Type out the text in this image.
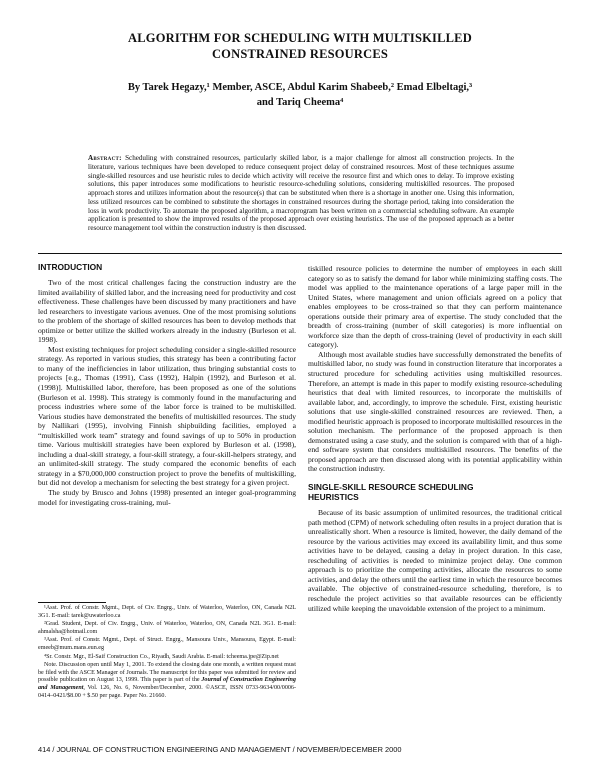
ALGORITHM FOR SCHEDULING WITH MULTISKILLED
CONSTRAINED RESOURCES
By Tarek Hegazy,¹ Member, ASCE, Abdul Karim Shabeeb,² Emad Elbeltagi,³
and Tariq Cheema⁴
Abstract: Scheduling with constrained resources, particularly skilled labor, is a major challenge for almost all construction projects. In the literature, various techniques have been developed to reduce consequent project delay of constrained resources. Most of these techniques assume single-skilled resources and use heuristic rules to decide which activity will receive the resource first and which ones to delay. To improve existing solutions, this paper introduces some modifications to heuristic resource-scheduling solutions, considering multiskilled resources. The proposed approach stores and utilizes information about the resource(s) that can be substituted when there is a shortage in another one. Using this information, less utilized resources can be combined to substitute the shortages in constrained resources during the shortage period, taking into consideration the loss in work productivity. To automate the proposed algorithm, a macroprogram has been written on a commercial scheduling software. An example application is presented to show the improved results of the proposed approach over existing heuristics. The use of the proposed approach as a better resource management tool within the construction industry is then discussed.
INTRODUCTION

Two of the most critical challenges facing the construction industry are the limited availability of skilled labor, and the increasing need for productivity and cost effectiveness. These challenges have been discussed by many practitioners and have led researchers to investigate various avenues. One of the most promising solutions to the problem of the shortage of skilled resources has been to develop methods that optimize or better utilize the skilled workers already in the industry (Burleson et al. 1998).

Most existing techniques for project scheduling consider a single-skilled resource strategy. As reported in various studies, this strategy has been a contributing factor to many of the inefficiencies in labor utilization, thus bringing substantial costs to projects [e.g., Thomas (1991), Cass (1992), Halpin (1992), and Burleson et al. (1998)]. Multiskilled labor, therefore, has been proposed as one of the solutions (Burleson et al. 1998). This strategy is commonly found in the manufacturing and process industries where some of the labor force is trained to be multiskilled. Various studies have demonstrated the benefits of multiskilled resources. The study by Nallikari (1995), involving Finnish shipbuilding facilities, employed a “multiskilled work team” strategy and found savings of up to 50% in production time. Various multiskill strategies have been explored by Burleson et al. (1998), including a dual-skill strategy, a four-skill strategy, a four-skill-helpers strategy, and an unlimited-skill strategy. The study compared the economic benefits of each strategy in a $70,000,000 construction project to prove the benefits of multiskilling, but did not develop a mechanism for selecting the best strategy for a given project.

The study by Brusco and Johns (1998) presented an integer goal-programming model for investigating cross-training, mul-

¹Asst. Prof. of Constr. Mgmt., Dept. of Civ. Engrg., Univ. of Waterloo, Waterloo, ON, Canada N2L 3G1. E-mail: tarek@uwaterloo.ca

²Grad. Student, Dept. of Civ. Engrg., Univ. of Waterloo, Waterloo, ON, Canada N2L 3G1. E-mail: ahmalsha@hotmail.com

³Asst. Prof. of Constr. Mgmt., Dept. of Struct. Engrg., Mansoura Univ., Mansoura, Egypt. E-mail: emeeb@mum.mans.eun.eg

⁴Sr. Constr. Mgr., El-Saif Construction Co., Riyadh, Saudi Arabia. E-mail: tcheema.jpe@Zip.net

Note. Discussion open until May 1, 2001. To extend the closing date one month, a written request must be filed with the ASCE Manager of Journals. The manuscript for this paper was submitted for review and possible publication on August 13, 1999. This paper is part of the Journal of Construction Engineering and Management, Vol. 126, No. 6, November/December, 2000. ©ASCE, ISSN 0733-9634/00/0006-0414–0421/$8.00 + $.50 per page. Paper No. 21660.

tiskilled resource policies to determine the number of employees in each skill category so as to satisfy the demand for labor while minimizing staffing costs. The model was applied to the maintenance operations of a large paper mill in the United States, where management and union officials agreed on a policy that enables employees to be cross-trained so that they can perform maintenance operations outside their primary area of expertise. The study concluded that the breadth of cross-training (number of skill categories) is more influential on workforce size than the depth of cross-training (level of productivity in each skill category).

Although most available studies have successfully demonstrated the benefits of multiskilled labor, no study was found in construction literature that incorporates a structured procedure for scheduling activities using multiskilled resources. Therefore, an attempt is made in this paper to modify existing resource-scheduling heuristics that deal with limited resources, to incorporate the multiskills of available labor, and, accordingly, to improve the schedule. First, existing heuristic solutions that use single-skilled constrained resources are reviewed. Then, a modified heuristic approach is proposed to incorporate multiskilled resources in the solution mechanism. The performance of the proposed approach is then demonstrated using a case study, and the solution is compared with that of a high-end software system that considers multiskilled resources. The benefits of the proposed approach are then discussed along with its potential applicability within the construction industry.

SINGLE-SKILL RESOURCE SCHEDULING
HEURISTICS

Because of its basic assumption of unlimited resources, the traditional critical path method (CPM) of network scheduling often results in a project duration that is unrealistically short. When a resource is limited, however, the daily demand of the resource by the various activities may exceed its availability limit, and thus some activities have to be delayed, causing a delay in project duration. In this case, rescheduling of activities is needed to minimize project delay. One common approach is to prioritize the competing activities, allocate the resources to some activities, and delay the others until the earliest time in which the resource becomes available. The objective of constrained-resource scheduling, therefore, is to reschedule the project activities so that available resources can be efficiently utilized while keeping the unavoidable extension of the project to a minimum.

414 / JOURNAL OF CONSTRUCTION ENGINEERING AND MANAGEMENT / NOVEMBER/DECEMBER 2000
